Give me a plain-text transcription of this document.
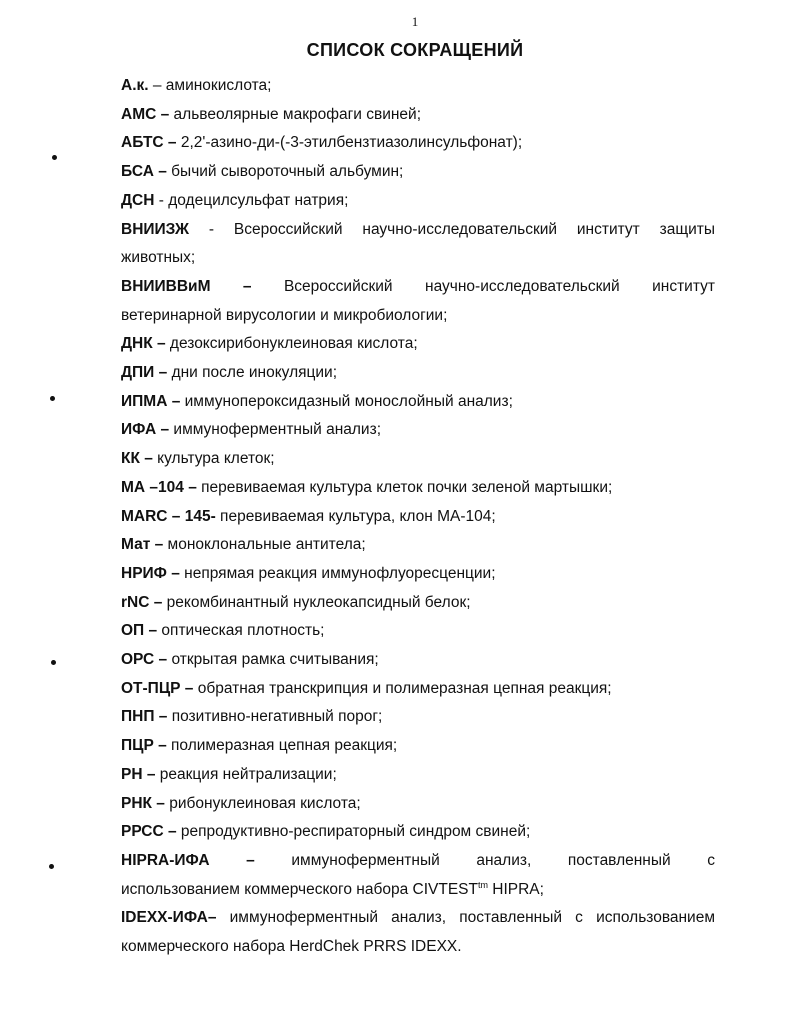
1
СПИСОК СОКРАЩЕНИЙ

А.к. – аминокислота;

АМС – альвеолярные макрофаги свиней;

АБТС – 2,2'-азино-ди-(-3-этилбензтиазолинсульфонат);

БСА – бычий сывороточный альбумин;

ДСН - додецилсульфат натрия;

ВНИИЗЖ - Всероссийский научно-исследовательский институт защиты животных;

ВНИИВВиМ – Всероссийский научно-исследовательский институт
ветеринарной вирусологии и микробиологии;

ДНК – дезоксирибонуклеиновая кислота;

ДПИ – дни после инокуляции;

ИПМА – иммунопероксидазный монослойный анализ;

ИФА – иммуноферментный анализ;

КК – культура клеток;

МА –104 – перевиваемая культура клеток почки зеленой мартышки;

MARC – 145- перевиваемая культура, клон МА-104;

Мат – моноклональные антитела;

НРИФ – непрямая реакция иммунофлуоресценции;

rNC – рекомбинантный нуклеокапсидный белок;

ОП – оптическая плотность;

ОРС – открытая рамка считывания;

ОТ-ПЦР – обратная транскрипция и полимеразная цепная реакция;

ПНП – позитивно-негативный порог;

ПЦР – полимеразная цепная реакция;

РН – реакция нейтрализации;

РНК – рибонуклеиновая кислота;

РРСС – репродуктивно-респираторный синдром свиней;

HIPRA-ИФА – иммуноферментный анализ, поставленный с
использованием коммерческого набора $CIVTEST^{tm}$ HIPRA;

IDEXX-ИФА– иммуноферментный анализ, поставленный с использованием коммерческого набора HerdChek PRRS IDEXX.
